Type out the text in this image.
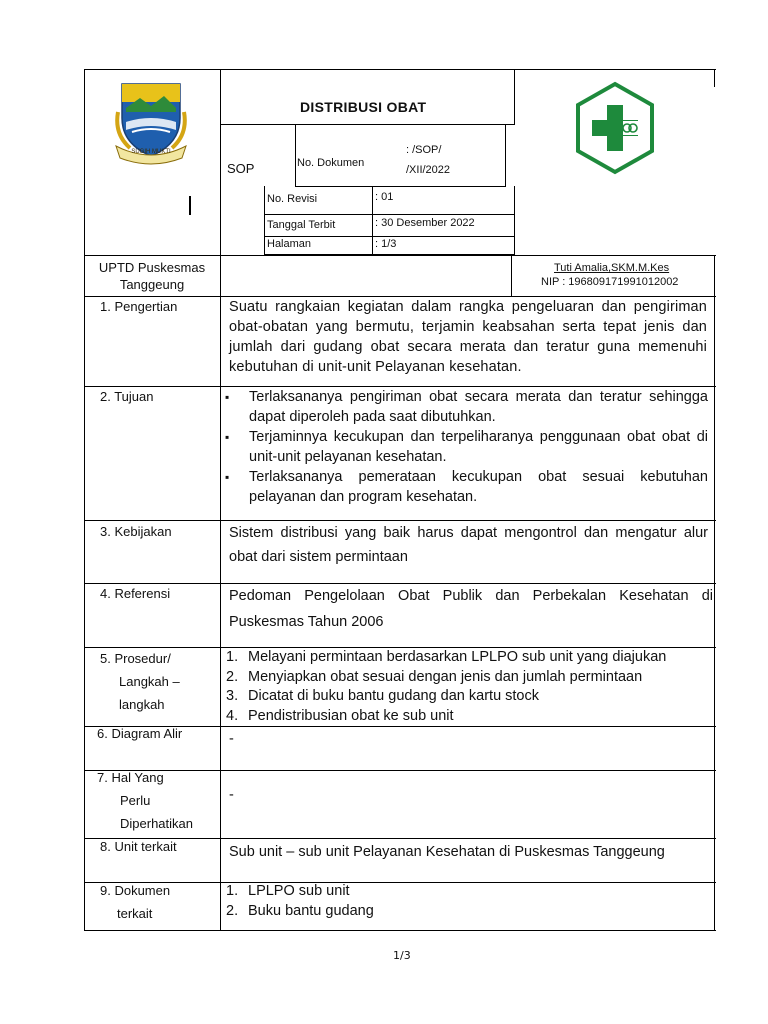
SUGIH MUKTI
DISTRIBUSI OBAT
SOP	No. Dokumen
: /SOP/
/XII/2022
No. Revisi	: 01
Tanggal Terbit	: 30 Desember 2022
Halaman	: 1/3
UPTD Puskesmas
Tanggeung
Tuti Amalia,SKM.M.Kes
NIP : 196809171991012002
1. Pengertian	Suatu rangkaian kegiatan dalam rangka pengeluaran dan pengiriman obat-obatan yang bermutu, terjamin keabsahan serta tepat jenis dan jumlah dari gudang obat secara merata dan teratur guna memenuhi kebutuhan di unit-unit Pelayanan kesehatan.
2. Tujuan
▪	Terlaksananya pengiriman obat secara merata dan teratur sehingga dapat diperoleh pada saat dibutuhkan.
▪ Terjaminnya kecukupan dan terpeliharanya penggunaan obat obat di unit-unit pelayanan kesehatan.
▪ Terlaksananya pemerataan kecukupan obat sesuai kebutuhan pelayanan dan program kesehatan.
3. Kebijakan	Sistem distribusi yang baik harus dapat mengontrol dan mengatur alur obat dari sistem permintaan
4. Referensi	Pedoman Pengelolaan Obat Publik dan Perbekalan Kesehatan di Puskesmas Tahun 2006
5. Prosedur/
Langkah –
langkah
1. Melayani permintaan berdasarkan LPLPO sub unit yang diajukan
2. Menyiapkan obat sesuai dengan jenis dan jumlah permintaan
3. Dicatat di buku bantu gudang dan kartu stock
4. Pendistribusian obat ke sub unit
6. Diagram Alir	-
7. Hal Yang
Perlu
Diperhatikan
-
8. Unit terkait	Sub unit – sub unit Pelayanan Kesehatan di Puskesmas Tanggeung
9. Dokumen
terkait
1. LPLPO sub unit
2. Buku bantu gudang
1/3
